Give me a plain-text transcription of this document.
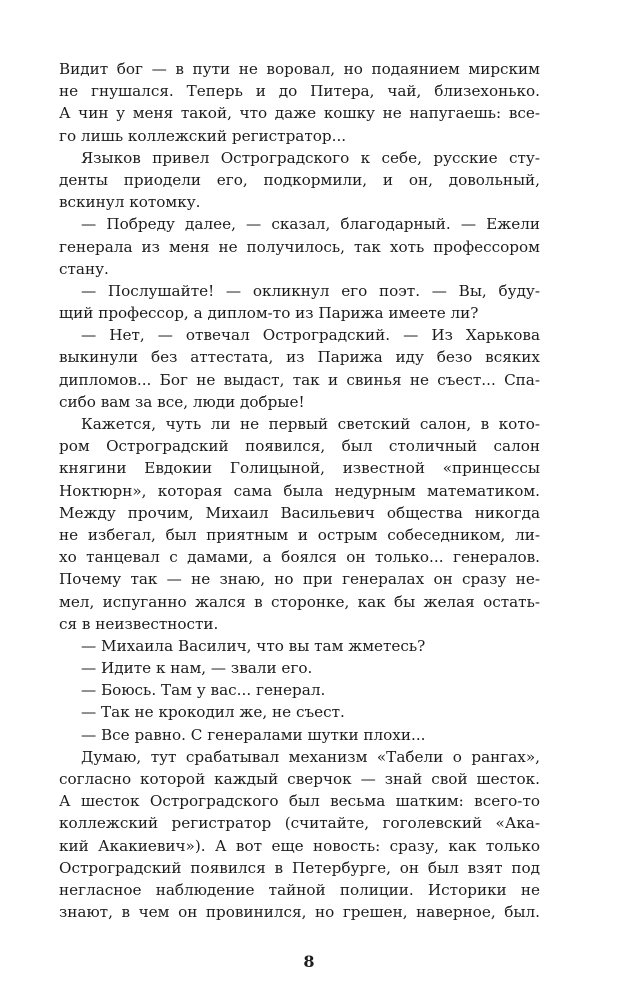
Видит бог — в пути не воровал, но подаянием мирским
не гнушался. Теперь и до Питера, чай, близехонько.
А чин у меня такой, что даже кошку не напугаешь: все-
го лишь коллежский регистратор...
Языков привел Остроградского к себе, русские сту-
денты приодели его, подкормили, и он, довольный,
вскинул котомку.
— Побреду далее, — сказал, благодарный. — Ежели
генерала из меня не получилось, так хоть профессором
стану.
— Послушайте! — окликнул его поэт. — Вы, буду-
щий профессор, а диплом-то из Парижа имеете ли?
— Нет, — отвечал Остроградский. — Из Харькова
выкинули без аттестата, из Парижа иду безо всяких
дипломов... Бог не выдаст, так и свинья не съест... Спа-
сибо вам за все, люди добрые!
Кажется, чуть ли не первый светский салон, в кото-
ром Остроградский появился, был столичный салон
княгини Евдокии Голицыной, известной «принцессы
Ноктюрн», которая сама была недурным математиком.
Между прочим, Михаил Васильевич общества никогда
не избегал, был приятным и острым собеседником, ли-
хо танцевал с дамами, а боялся он только... генералов.
Почему так — не знаю, но при генералах он сразу не-
мел, испуганно жался в сторонке, как бы желая остать-
ся в неизвестности.
— Михаила Василич, что вы там жметесь?
— Идите к нам, — звали его.
— Боюсь. Там у вас... генерал.
— Так не крокодил же, не съест.
— Все равно. С генералами шутки плохи...
Думаю, тут срабатывал механизм «Табели о рангах»,
согласно которой каждый сверчок — знай свой шесток.
А шесток Остроградского был весьма шатким: всего-то
коллежский регистратор (считайте, гоголевский «Ака-
кий Акакиевич»). А вот еще новость: сразу, как только
Остроградский появился в Петербурге, он был взят под
негласное наблюдение тайной полиции. Историки не
знают, в чем он провинился, но грешен, наверное, был.
8
